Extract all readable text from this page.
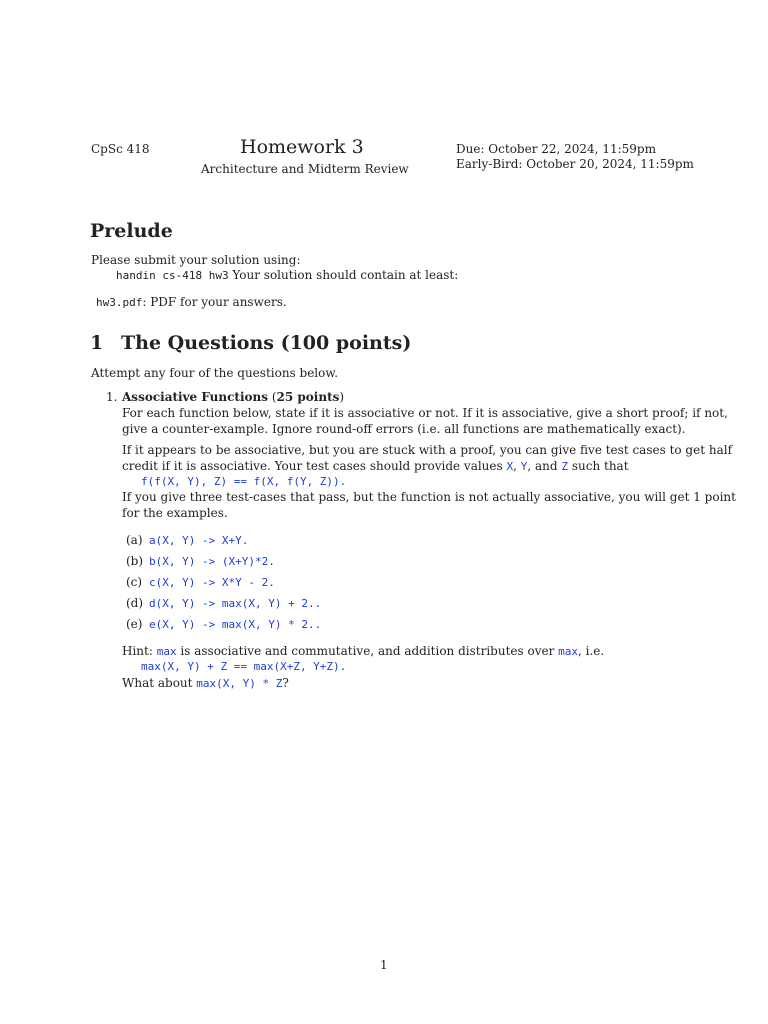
CpSc 418	Homework 3
Architecture and Midterm Review
Due: October 22, 2024, 11:59pm
Early-Bird: October 20, 2024, 11:59pm
Prelude
Please submit your solution using:
handin cs-418 hw3 Your solution should contain at least:
hw3.pdf: PDF for your answers.
1 The Questions (100 points)
Attempt any four of the questions below.
1. Associative Functions (25 points)
For each function below, state if it is associative or not. If it is associative, give a short proof; if not,
give a counter-example. Ignore round-off errors (i.e. all functions are mathematically exact).
If it appears to be associative, but you are stuck with a proof, you can give five test cases to get half
credit if it is associative. Your test cases should provide values X, Y, and Z such that
f(f(X, Y), Z) == f(X, f(Y, Z)).
If you give three test-cases that pass, but the function is not actually associative, you will get 1 point
for the examples.
(a) a(X, Y) -> X+Y.
(b) b(X, Y) -> (X+Y)*2.
(c) c(X, Y) -> X*Y - 2.
(d) d(X, Y) -> max(X, Y) + 2..
(e) e(X, Y) -> max(X, Y) * 2..
Hint: max is associative and commutative, and addition distributes over max, i.e.
max(X, Y) + Z == max(X+Z, Y+Z).
What about max(X, Y) * Z?
1
